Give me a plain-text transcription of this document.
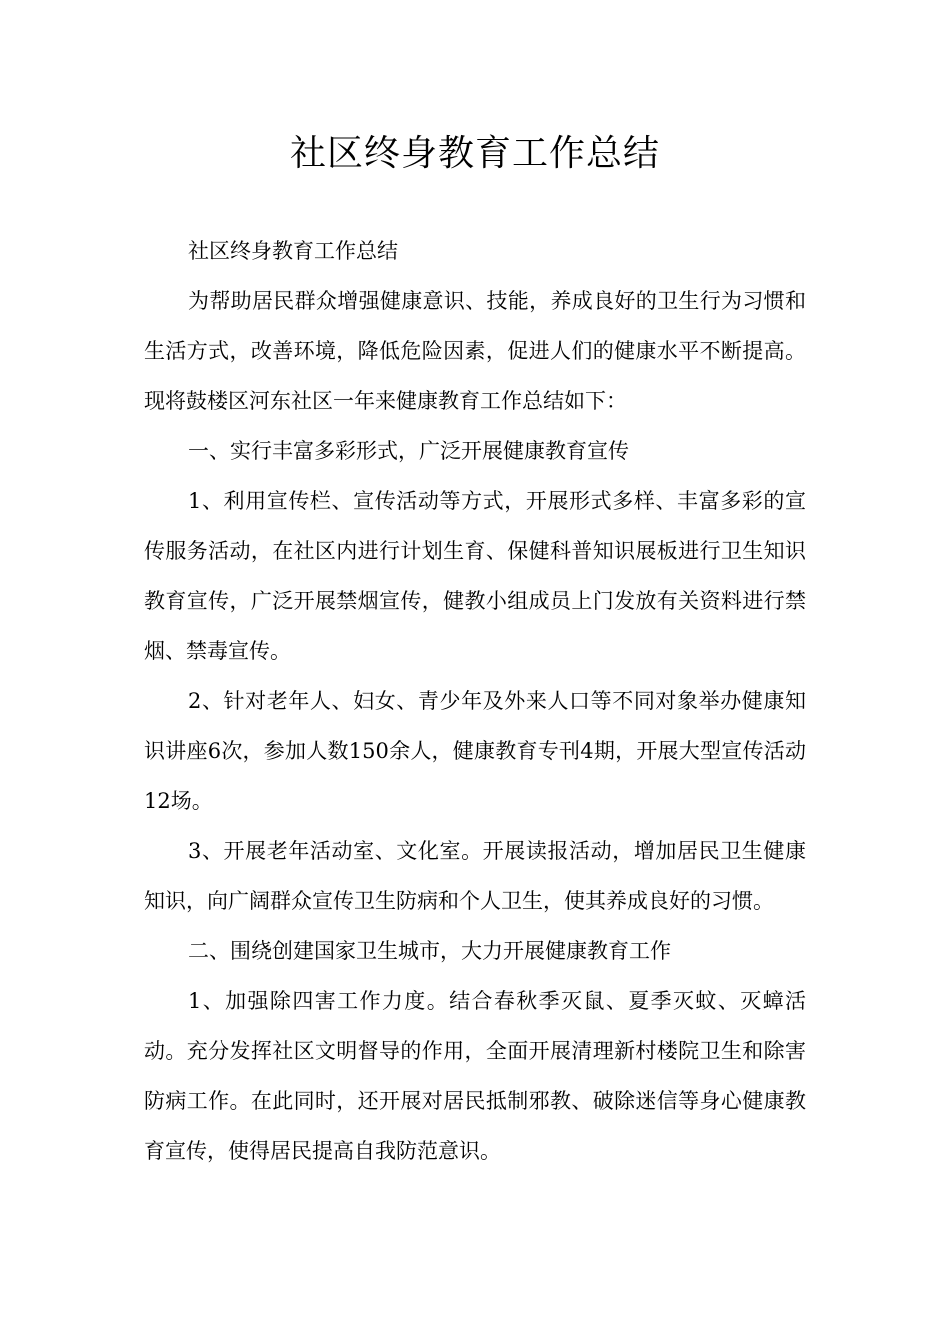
社区终身教育工作总结

社区终身教育工作总结

为帮助居民群众增强健康意识、技能，养成良好的卫生行为习惯和生活方式，改善环境，降低危险因素，促进人们的健康水平不断提高。现将鼓楼区河东社区一年来健康教育工作总结如下：

一、实行丰富多彩形式，广泛开展健康教育宣传

1、利用宣传栏、宣传活动等方式，开展形式多样、丰富多彩的宣传服务活动，在社区内进行计划生育、保健科普知识展板进行卫生知识教育宣传，广泛开展禁烟宣传，健教小组成员上门发放有关资料进行禁烟、禁毒宣传。

2、针对老年人、妇女、青少年及外来人口等不同对象举办健康知识讲座6次，参加人数150余人，健康教育专刊4期，开展大型宣传活动12场。

3、开展老年活动室、文化室。开展读报活动，增加居民卫生健康知识，向广阔群众宣传卫生防病和个人卫生，使其养成良好的习惯。

二、围绕创建国家卫生城市，大力开展健康教育工作

1、加强除四害工作力度。结合春秋季灭鼠、夏季灭蚊、灭蟑活动。充分发挥社区文明督导的作用，全面开展清理新村楼院卫生和除害防病工作。在此同时，还开展对居民抵制邪教、破除迷信等身心健康教育宣传，使得居民提高自我防范意识。
